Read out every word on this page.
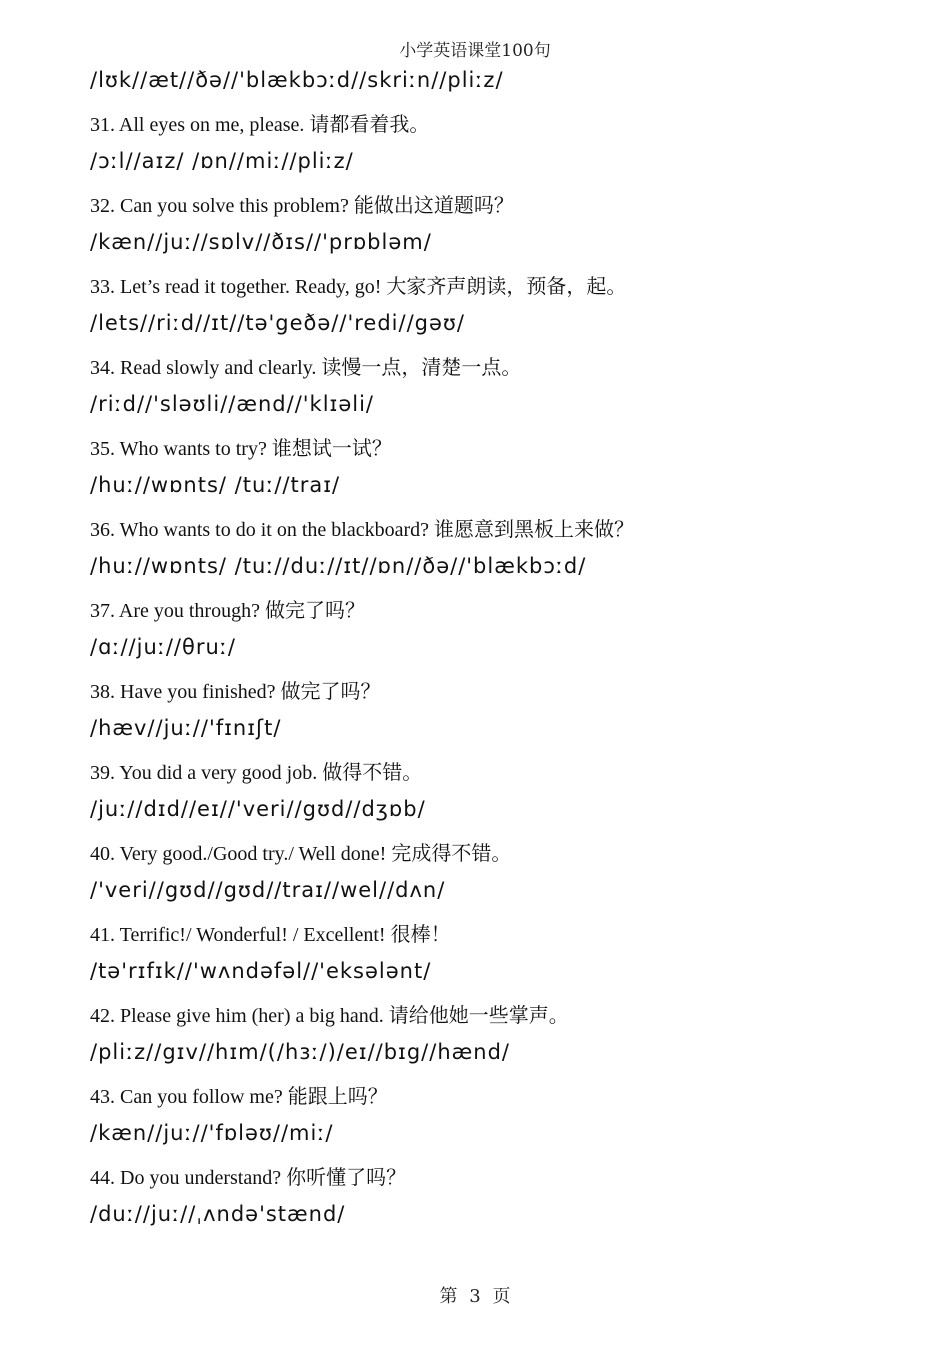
小学英语课堂100句
/lʊk//æt//ðə//'blækbɔːd//skriːn//pliːz/
31. All eyes on me, please. 请都看着我。
/ɔːl//aɪz/ /ɒn//miː//pliːz/
32. Can you solve this problem? 能做出这道题吗？
/kæn//juː//sɒlv//ðɪs//'prɒbləm/
33. Let’s read it together. Ready, go! 大家齐声朗读，预备，起。
/lets//riːd//ɪt//tə'geðə//'redi//gəʊ/
34. Read slowly and clearly. 读慢一点，清楚一点。
/riːd//'sləʊli//ænd//'klɪəli/
35. Who wants to try? 谁想试一试？
/huː//wɒnts/ /tuː//traɪ/
36. Who wants to do it on the blackboard? 谁愿意到黑板上来做？
/huː//wɒnts/ /tuː//duː//ɪt//ɒn//ðə//'blækbɔːd/
37. Are you through? 做完了吗？
/ɑː//juː//θruː/
38. Have you finished? 做完了吗？
/hæv//juː//'fɪnɪʃt/
39. You did a very good job. 做得不错。
/juː//dɪd//eɪ//'veri//gʊd//dʒɒb/
40. Very good./Good try./ Well done! 完成得不错。
/'veri//gʊd//gʊd//traɪ//wel//dʌn/
41. Terrific!/ Wonderful! / Excellent! 很棒！
/tə'rɪfɪk//'wʌndəfəl//'eksələnt/
42. Please give him (her) a big hand. 请给他她一些掌声。
/pliːz//gɪv//hɪm/(/hɜː/)/eɪ//bɪg//hænd/
43. Can you follow me? 能跟上吗？
/kæn//juː//'fɒləʊ//miː/
44. Do you understand? 你听懂了吗？
/duː//juː//ˌʌndə'stænd/
第 3 页
